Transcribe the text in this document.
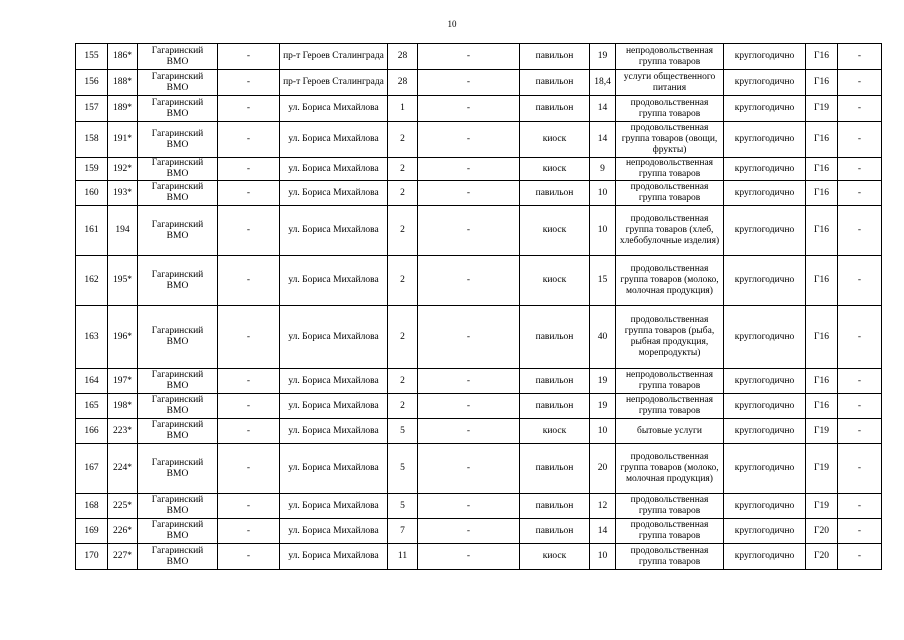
10
155	186*	Гагаринский ВМО	-	пр-т Героев Сталинграда	28	-	павильон	19	непродовольственная группа товаров	круглогодично	Г16	-
156	188*	Гагаринский ВМО	-	пр-т Героев Сталинграда	28	-	павильон	18,4	услуги общественного питания	круглогодично	Г16	-
157	189*	Гагаринский ВМО	-	ул. Бориса Михайлова	1	-	павильон	14	продовольственная группа товаров	круглогодично	Г19	-
158	191*	Гагаринский ВМО	-	ул. Бориса Михайлова	2	-	киоск	14	продовольственная группа товаров (овощи, фрукты)	круглогодично	Г16	-
159	192*	Гагаринский ВМО	-	ул. Бориса Михайлова	2	-	киоск	9	непродовольственная группа товаров	круглогодично	Г16	-
160	193*	Гагаринский ВМО	-	ул. Бориса Михайлова	2	-	павильон	10	продовольственная группа товаров	круглогодично	Г16	-
161	194	Гагаринский ВМО	-	ул. Бориса Михайлова	2	-	киоск	10	продовольственная группа товаров (хлеб, хлебобулочные изделия)	круглогодично	Г16	-
162	195*	Гагаринский ВМО	-	ул. Бориса Михайлова	2	-	киоск	15	продовольственная группа товаров (молоко, молочная продукция)	круглогодично	Г16	-
163	196*	Гагаринский ВМО	-	ул. Бориса Михайлова	2	-	павильон	40	продовольственная группа товаров (рыба, рыбная продукция, морепродукты)	круглогодично	Г16	-
164	197*	Гагаринский ВМО	-	ул. Бориса Михайлова	2	-	павильон	19	непродовольственная группа товаров	круглогодично	Г16	-
165	198*	Гагаринский ВМО	-	ул. Бориса Михайлова	2	-	павильон	19	непродовольственная группа товаров	круглогодично	Г16	-
166	223*	Гагаринский ВМО	-	ул. Бориса Михайлова	5	-	киоск	10	бытовые услуги	круглогодично	Г19	-
167	224*	Гагаринский ВМО	-	ул. Бориса Михайлова	5	-	павильон	20	продовольственная группа товаров (молоко, молочная продукция)	круглогодично	Г19	-
168	225*	Гагаринский ВМО	-	ул. Бориса Михайлова	5	-	павильон	12	продовольственная группа товаров	круглогодично	Г19	-
169	226*	Гагаринский ВМО	-	ул. Бориса Михайлова	7	-	павильон	14	продовольственная группа товаров	круглогодично	Г20	-
170	227*	Гагаринский ВМО	-	ул. Бориса Михайлова	11	-	киоск	10	продовольственная группа товаров	круглогодично	Г20	-
